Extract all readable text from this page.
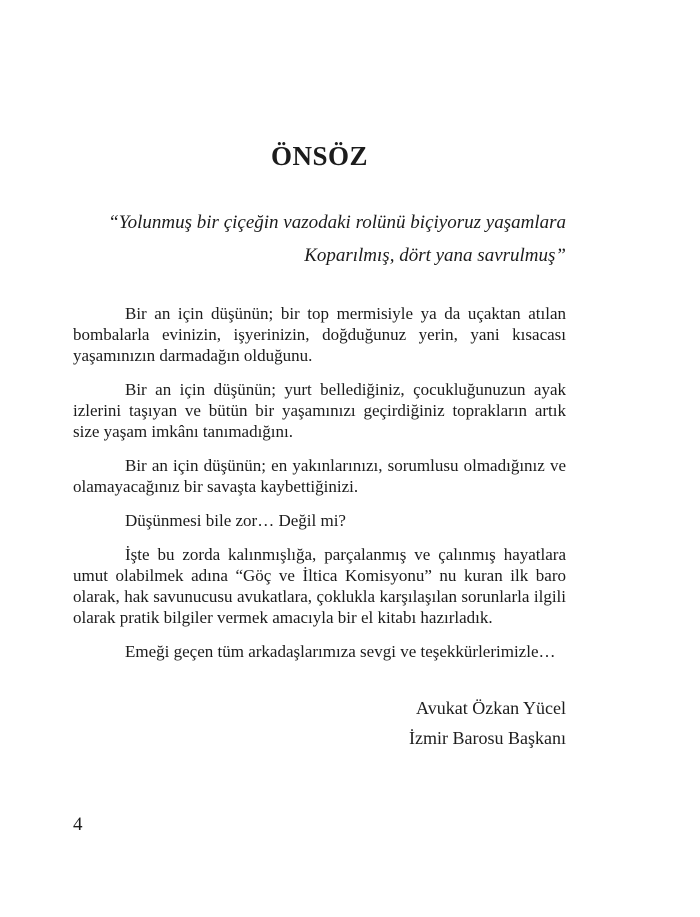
ÖNSÖZ
“Yolunmuş bir çiçeğin vazodaki rolünü biçiyoruz yaşamlara
Koparılmış, dört yana savrulmuş”

Bir an için düşünün; bir top mermisiyle ya da uçaktan atılan bombalarla evinizin, işyerinizin, doğduğunuz yerin, yani kısacası yaşamınızın darmadağın olduğunu.

Bir an için düşünün; yurt bellediğiniz, çocukluğunuzun ayak izlerini taşıyan ve bütün bir yaşamınızı geçirdiğiniz toprakların artık size yaşam imkânı tanımadığını.

Bir an için düşünün; en yakınlarınızı, sorumlusu olmadığınız ve olamayacağınız bir savaşta kaybettiğinizi.

Düşünmesi bile zor… Değil mi?

İşte bu zorda kalınmışlığa, parçalanmış ve çalınmış hayatlara umut olabilmek adına “Göç ve İltica Komisyonu” nu kuran ilk baro olarak, hak savunucusu avukatlara, çoklukla karşılaşılan sorunlarla ilgili olarak pratik bilgiler vermek amacıyla bir el kitabı hazırladık.

Emeği geçen tüm arkadaşlarımıza sevgi ve teşekkürlerimizle…

Avukat Özkan Yücel
İzmir Barosu Başkanı
4
